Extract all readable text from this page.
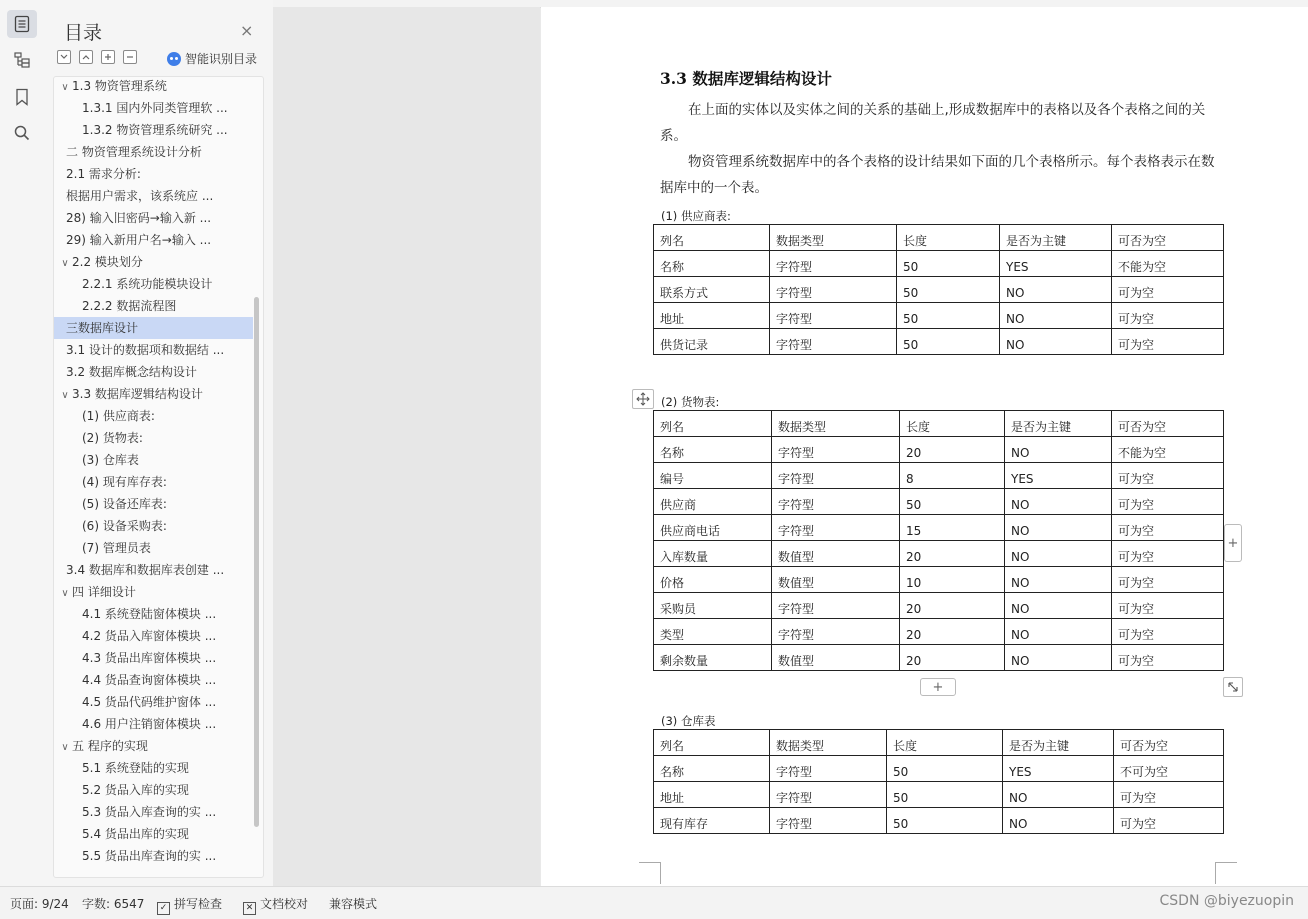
目录	×
智能识别目录
∨ 1.3 物资管理系统
1.3.1 国内外同类管理软 ...
1.3.2 物资管理系统研究 ...
二 物资管理系统设计分析
2.1 需求分析:
根据用户需求，该系统应 ...
28) 输入旧密码→输入新 ...
29) 输入新用户名→输入 ...
∨ 2.2 模块划分
2.2.1 系统功能模块设计
2.2.2 数据流程图
三数据库设计
3.1 设计的数据项和数据结 ...
3.2 数据库概念结构设计
∨ 3.3 数据库逻辑结构设计
(1) 供应商表:
(2) 货物表:
(3) 仓库表
(4) 现有库存表:
(5) 设备还库表:
(6) 设备采购表:
(7) 管理员表
3.4 数据库和数据库表创建 ...
∨ 四 详细设计
4.1 系统登陆窗体模块 ...
4.2 货品入库窗体模块 ...
4.3 货品出库窗体模块 ...
4.4 货品查询窗体模块 ...
4.5 货品代码维护窗体 ...
4.6 用户注销窗体模块 ...
∨ 五 程序的实现
5.1 系统登陆的实现
5.2 货品入库的实现
5.3 货品入库查询的实 ...
5.4 货品出库的实现
5.5 货品出库查询的实 ...
3.3 数据库逻辑结构设计
在上面的实体以及实体之间的关系的基础上,形成数据库中的表格以及各个表格之间的关系。
物资管理系统数据库中的各个表格的设计结果如下面的几个表格所示。每个表格表示在数据库中的一个表。
(1) 供应商表:
列名	数据类型	长度	是否为主键	可否为空
名称	字符型	50	YES	不能为空
联系方式	字符型	50	NO	可为空
地址	字符型	50	NO	可为空
供货记录	字符型	50	NO	可为空
(2) 货物表:
列名	数据类型	长度	是否为主键	可否为空
名称	字符型	20	NO	不能为空
编号	字符型	8	YES	可为空
供应商	字符型	50	NO	可为空
供应商电话	字符型	15	NO	可为空
入库数量	数值型	20	NO	可为空
价格	数值型	10	NO	可为空
采购员	字符型	20	NO	可为空
类型	字符型	20	NO	可为空
剩余数量	数值型	20	NO	可为空
+
+
(3) 仓库表
列名	数据类型	长度	是否为主键	可否为空
名称	字符型	50	YES	不可为空
地址	字符型	50	NO	可为空
现有库存	字符型	50	NO	可为空
页面: 9/24 字数: 6547	✓ 拼写检查	✕ 文档校对 兼容模式	CSDN @biyezuopin
